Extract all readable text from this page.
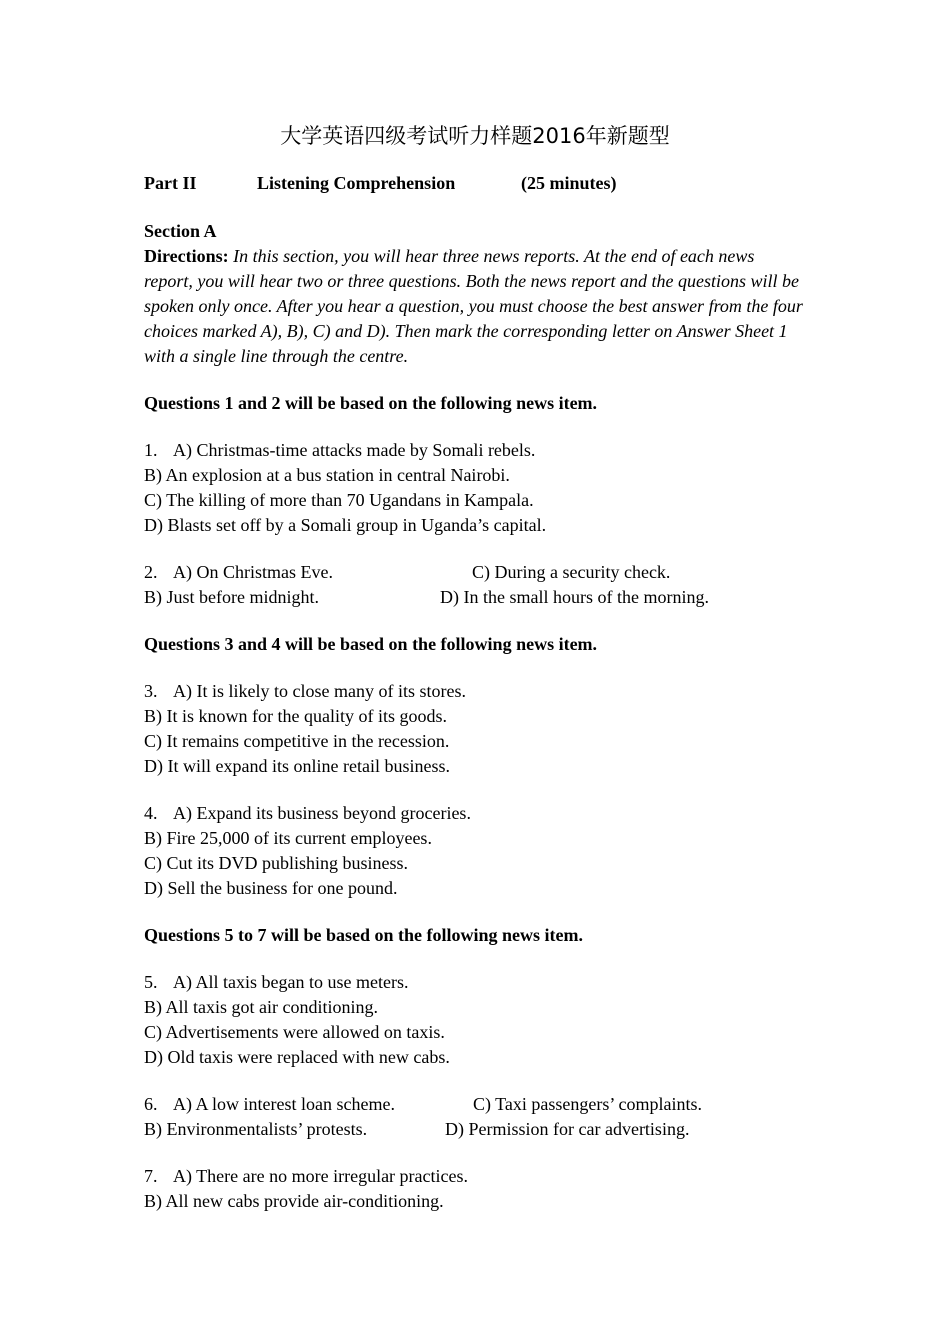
大学英语四级考试听力样题2016年新题型
Part II	Listening Comprehension	(25 minutes)
Section A
Directions: In this section, you will hear three news reports. At the end of each news report, you will hear two or three questions. Both the news report and the questions will be spoken only once. After you hear a question, you must choose the best answer from the four choices marked A), B), C) and D). Then mark the corresponding letter on Answer Sheet 1 with a single line through the centre.
Questions 1 and 2 will be based on the following news item.
1. A) Christmas-time attacks made by Somali rebels.
B) An explosion at a bus station in central Nairobi.
C) The killing of more than 70 Ugandans in Kampala.
D) Blasts set off by a Somali group in Uganda’s capital.
2. A) On Christmas Eve.	C) During a security check.
B) Just before midnight.	D) In the small hours of the morning.
Questions 3 and 4 will be based on the following news item.
3. A) It is likely to close many of its stores.
B) It is known for the quality of its goods.
C) It remains competitive in the recession.
D) It will expand its online retail business.
4. A) Expand its business beyond groceries.
B) Fire 25,000 of its current employees.
C) Cut its DVD publishing business.
D) Sell the business for one pound.
Questions 5 to 7 will be based on the following news item.
5. A) All taxis began to use meters.
B) All taxis got air conditioning.
C) Advertisements were allowed on taxis.
D) Old taxis were replaced with new cabs.
6. A) A low interest loan scheme.	C) Taxi passengers’ complaints.
B) Environmentalists’ protests.	D) Permission for car advertising.
7. A) There are no more irregular practices.
B) All new cabs provide air-conditioning.
